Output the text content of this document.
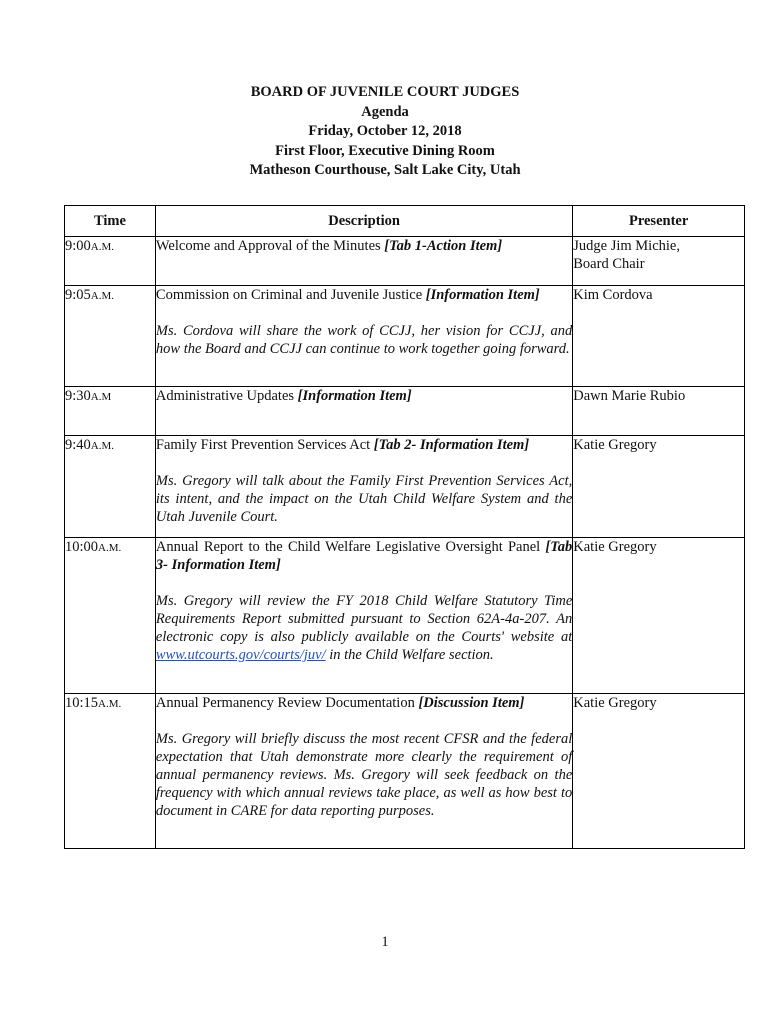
BOARD OF JUVENILE COURT JUDGES
Agenda
Friday, October 12, 2018
First Floor, Executive Dining Room
Matheson Courthouse, Salt Lake City, Utah
Time	Description	Presenter
9:00A.M.	Welcome and Approval of the Minutes [Tab 1-Action Item]	Judge Jim Michie,
Board Chair

9:05A.M.	Commission on Criminal and Juvenile Justice [Information Item]
Ms. Cordova will share the work of CCJJ, her vision for CCJJ, and how the Board and CCJJ can continue to work together going forward.	Kim Cordova
9:30A.M	Administrative Updates [Information Item]	Dawn Marie Rubio
9:40A.M.	Family First Prevention Services Act [Tab 2- Information Item]
Ms. Gregory will talk about the Family First Prevention Services Act, its intent, and the impact on the Utah Child Welfare System and the Utah Juvenile Court.	Katie Gregory
10:00A.M.	Annual Report to the Child Welfare Legislative Oversight Panel [Tab 3- Information Item]
Ms. Gregory will review the FY 2018 Child Welfare Statutory Time Requirements Report submitted pursuant to Section 62A-4a-207. An electronic copy is also publicly available on the Courts' website at www.utcourts.gov/courts/juv/ in the Child Welfare section.	Katie Gregory
10:15A.M.	Annual Permanency Review Documentation [Discussion Item]
Ms. Gregory will briefly discuss the most recent CFSR and the federal expectation that Utah demonstrate more clearly the requirement of annual permanency reviews. Ms. Gregory will seek feedback on the frequency with which annual reviews take place, as well as how best to document in CARE for data reporting purposes.	Katie Gregory
1
